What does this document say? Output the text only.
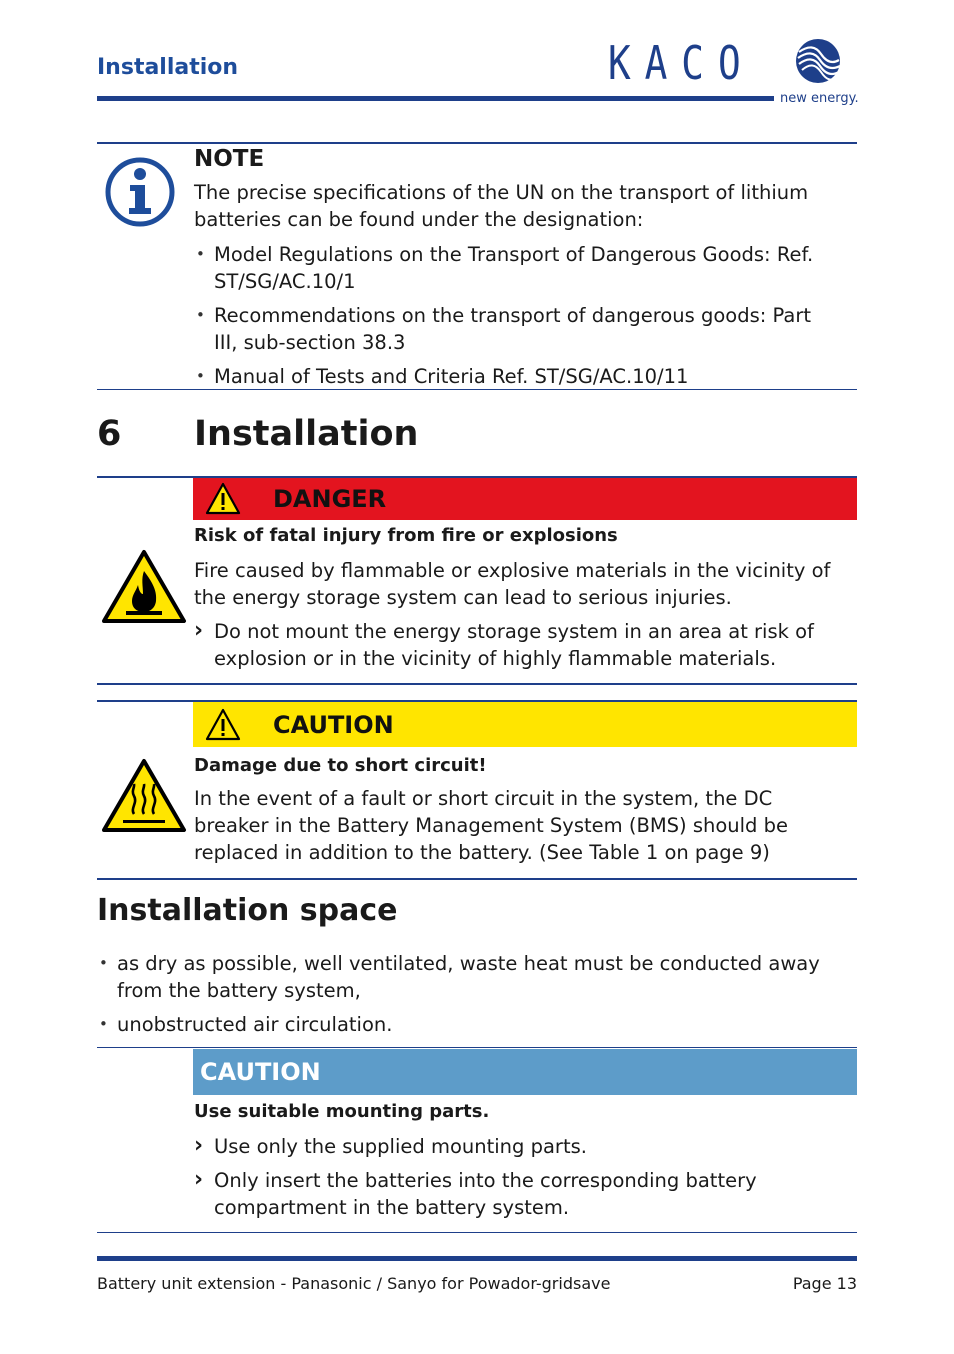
Installation	KACO
new energy.
NOTE
The precise specifications of the UN on the transport of lithium batteries can be found under the designation:
• Model Regulations on the Transport of Dangerous Goods: Ref. ST/SG/AC.10/1
• Recommendations on the transport of dangerous goods: Part III, sub-section 38.3
• Manual of Tests and Criteria Ref. ST/SG/AC.10/11
6 Installation
DANGER
Risk of fatal injury from fire or explosions
Fire caused by flammable or explosive materials in the vicinity of the energy storage system can lead to serious injuries.
› Do not mount the energy storage system in an area at risk of explosion or in the vicinity of highly flammable materials.
CAUTION
Damage due to short circuit!
In the event of a fault or short circuit in the system, the DC breaker in the Battery Management System (BMS) should be replaced in addition to the battery. (See Table 1 on page 9)
Installation space
• as dry as possible, well ventilated, waste heat must be conducted away from the battery system,
• unobstructed air circulation.
CAUTION
Use suitable mounting parts.
› Use only the supplied mounting parts.
› Only insert the batteries into the corresponding battery compartment in the battery system.
Battery unit extension - Panasonic / Sanyo for Powador-gridsave	Page 13
